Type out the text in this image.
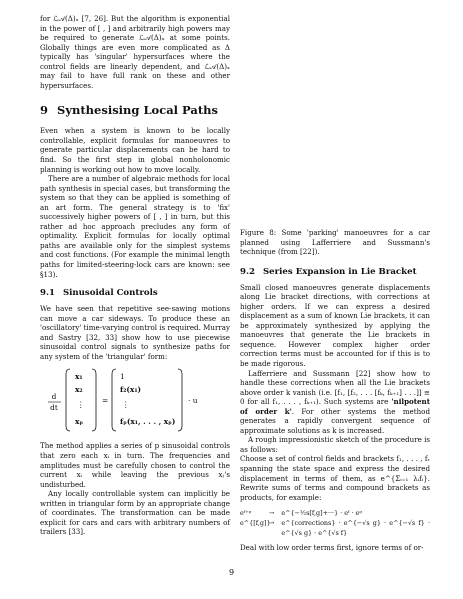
for ℒ𝒜(Δ)ₓ [7, 26]. But the algorithm is exponential in the power of [ , ] and arbitrarily high powers may be required to generate ℒ𝒜(Δ)ₓ at some points. Globally things are even more complicated as Δ typically has 'singular' hypersurfaces where the control fields are linearly dependent, and ℒ𝒜(Δ)ₓ may fail to have full rank on these and other hypersurfaces.

9 Synthesising Local Paths

Even when a system is known to be locally controllable, explicit formulas for manoeuvres to generate particular displacements can be hard to find. So the first step in global nonholonomic planning is working out how to move locally.

There are a number of algebraic methods for local path synthesis in special cases, but transforming the system so that they can be applied is something of an art form. The general strategy is to 'fix' successively higher powers of [ , ] in turn, but this rather ad hoc approach precludes any form of optimality. Explicit formulas for locally optimal paths are available only for the simplest systems and cost functions. (For example the minimal length paths for limited-steering-lock cars are known: see §13).

9.1 Sinusoidal Controls

We have seen that repetitive see-sawing motions can move a car sideways. To produce these an 'oscillatory' time-varying control is required. Murray and Sastry [32, 33] show how to use piecewise sinusoidal control signals to synthesize paths for any system of the 'triangular' form:

d
dt
x₁
x₂
⋮
xₚ
=
1
f₂(x₁)
⋮
fₚ(x₁, . . . , xₚ)
· u

The method applies a series of p sinusoidal controls that zero each xᵢ in turn. The frequencies and amplitudes must be carefully chosen to control the current xᵢ while leaving the previous xⱼ's undisturbed.

Any locally controllable system can implicitly be written in triangular form by an appropriate change of coordinates. The transformation can be made explicit for cars and cars with arbitrary numbers of trailers [33].

Figure 8: Some 'parking' manoeuvres for a car planned using Lafferriere and Sussmann's technique (from [22]).

9.2 Series Expansion in Lie Bracket

Small closed manoeuvres generate displacements along Lie bracket directions, with corrections at higher orders. If we can express a desired displacement as a sum of known Lie brackets, it can be approximately synthesized by applying the manoeuvres that generate the Lie brackets in sequence. However complex higher order correction terms must be accounted for if this is to be made rigorous.

Lafferriere and Sussmann [22] show how to handle these corrections when all the Lie brackets above order k vanish (i.e. [f₁, [f₂, . . . [fₖ, fₖ₊₁] . . .]] ≡ 0 for all f₁, . . . , fₖ₊₁). Such systems are 'nilpotent of order k'. For other systems the method generates a rapidly convergent sequence of approximate solutions as k is increased.

A rough impressionistic sketch of the procedure is as follows:

Choose a set of control fields and brackets f₁, . . . , fᵣ spanning the state space and express the desired displacement in terms of them, as e^{Σᵢ₌₁ λᵢfᵢ}. Rewrite sums of terms and compound brackets as products, for example:

eᶠ⁺ᵍ	→ e^{−½s[f,g]+···} · eᶠ · eᵍ
e^{[f,g]}
→ e^{corrections} · e^{−√s g} · e^{−√s f} · e^{√s g} · e^{√s f}

Deal with low order terms first, ignore terms of or-

9
